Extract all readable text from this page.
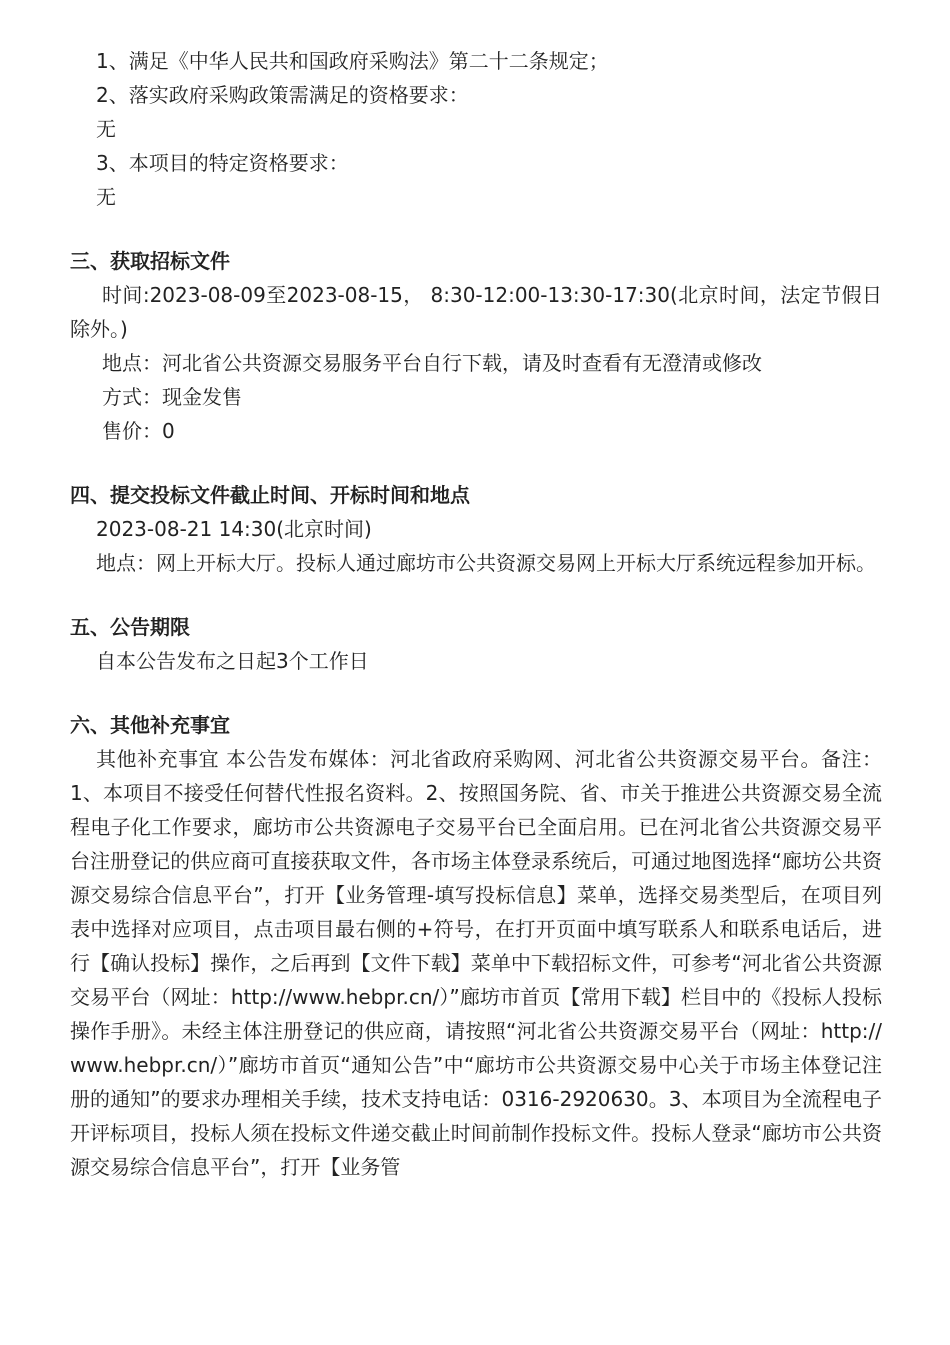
1、满足《中华人民共和国政府采购法》第二十二条规定；

2、落实政府采购政策需满足的资格要求：

无

3、本项目的特定资格要求：

无

三、获取招标文件

时间:2023-08-09至2023-08-15， 8:30-12:00-13:30-17:30(北京时间，法定节假日除外。)

地点：河北省公共资源交易服务平台自行下载，请及时查看有无澄清或修改

方式：现金发售

售价：0

四、提交投标文件截止时间、开标时间和地点

2023-08-21 14:30(北京时间)

地点：网上开标大厅。投标人通过廊坊市公共资源交易网上开标大厅系统远程参加开标。

五、公告期限

自本公告发布之日起3个工作日

六、其他补充事宜

其他补充事宜 本公告发布媒体：河北省政府采购网、河北省公共资源交易平台。备注：1、本项目不接受任何替代性报名资料。2、按照国务院、省、市关于推进公共资源交易全流程电子化工作要求，廊坊市公共资源电子交易平台已全面启用。已在河北省公共资源交易平台注册登记的供应商可直接获取文件，各市场主体登录系统后，可通过地图选择“廊坊公共资源交易综合信息平台”，打开【业务管理-填写投标信息】菜单，选择交易类型后，在项目列表中选择对应项目，点击项目最右侧的+符号，在打开页面中填写联系人和联系电话后，进行【确认投标】操作，之后再到【文件下载】菜单中下载招标文件，可参考“河北省公共资源交易平台（网址：http://www.hebpr.cn/）”廊坊市首页【常用下载】栏目中的《投标人投标操作手册》。未经主体注册登记的供应商，请按照“河北省公共资源交易平台（网址：http://www.hebpr.cn/）”廊坊市首页“通知公告”中“廊坊市公共资源交易中心关于市场主体登记注册的通知”的要求办理相关手续，技术支持电话：0316-2920630。3、本项目为全流程电子开评标项目，投标人须在投标文件递交截止时间前制作投标文件。投标人登录“廊坊市公共资源交易综合信息平台”，打开【业务管
